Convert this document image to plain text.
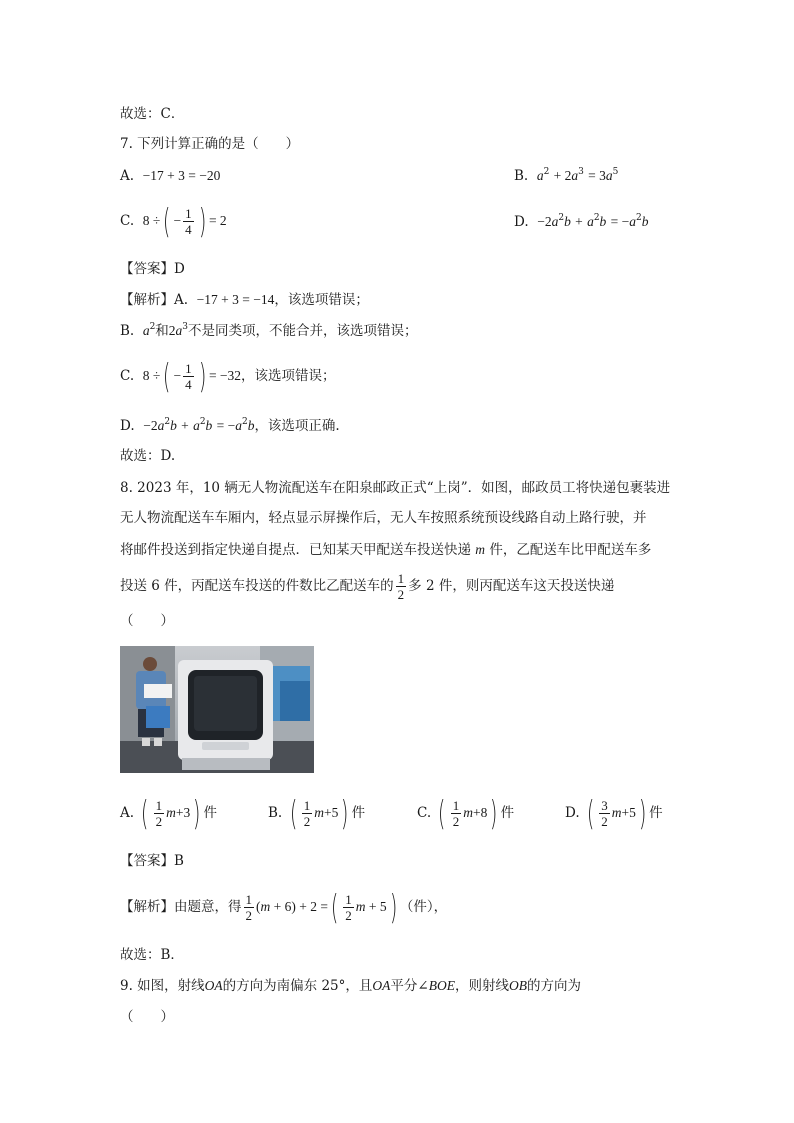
故选：C．
7. 下列计算正确的是（　　）
A. −17 + 3 = −20	B. $a^2 + 2a^3 = 3a^5$
C. 8 ÷( − $\frac{1}{4}$ ) = 2	D. $-2a^2b + a^2b = -a^2b$
【答案】D
【解析】A. −17 + 3 = −14，该选项错误；
B. $a^2$和$2a^3$不是同类项，不能合并，该选项错误；
C. 8 ÷( − $\frac{1}{4}$ ) = −32，该选项错误；
D. $-2a^2b + a^2b = -a^2b$，该选项正确.
故选：D.
8. 2023 年，10 辆无人物流配送车在阳泉邮政正式“上岗”．如图，邮政员工将快递包裹装进
无人物流配送车车厢内，轻点显示屏操作后，无人车按照系统预设线路自动上路行驶，并
将邮件投送到指定快递自提点．已知某天甲配送车投送快递 m 件，乙配送车比甲配送车多
投送 6 件，丙配送车投送的件数比乙配送车的 $\frac{1}{2}$ 多 2 件，则丙配送车这天投送快递
（　　）
A. ( $\frac{1}{2} m+3$) 件	B. ( $\frac{1}{2} m+5$) 件	C. ( $\frac{1}{2} m+8$) 件	D. ( $\frac{3}{2} m+5$) 件
【答案】B
【解析】由题意，得 $\frac{1}{2} (m + 6) + 2$ =( $\frac{1}{2}$ m + 5) （件），
故选：B．
9. 如图，射线OA的方向为南偏东 25°，且OA平分∠BOE，则射线OB的方向为
（　　）
